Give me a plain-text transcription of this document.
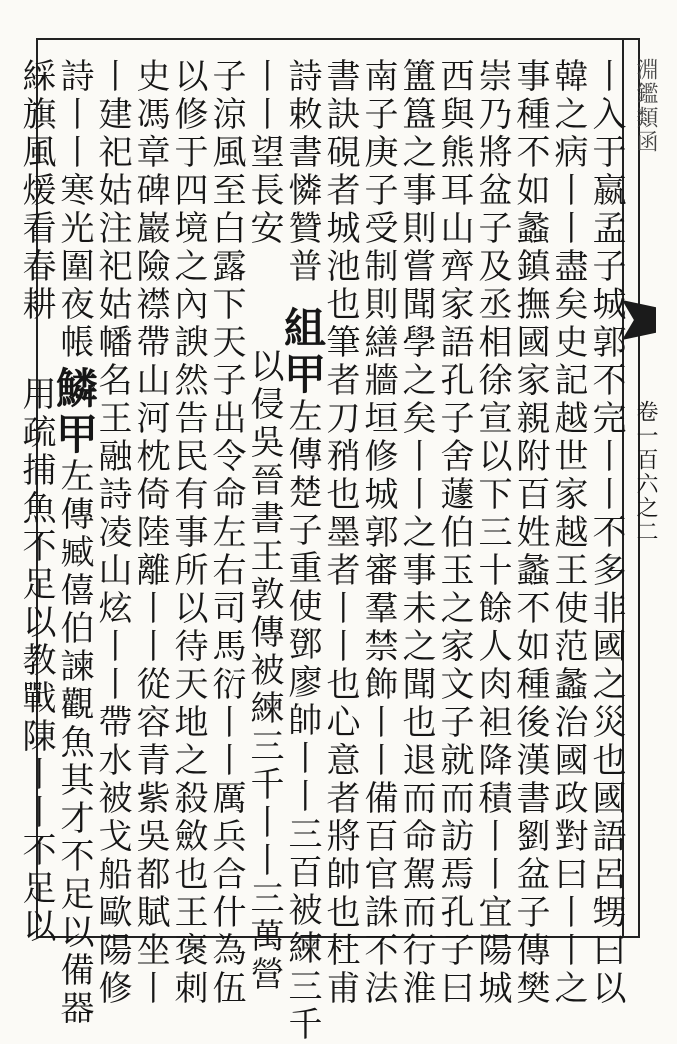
淵鑑類函
卷一百六之二
丨入于嬴孟子城郭不完丨丨不多非國之災也國語呂甥曰以
韓之病丨丨盡矣史記越世家越王使范蠡治國政對曰丨丨之
事種不如蠡鎮撫國家親附百姓蠡不如種後漢書劉盆子傳樊
崇乃將盆子及丞相徐宣以下三十餘人肉袒降積丨丨宜陽城
西與熊耳山齊家語孔子舍蘧伯玉之家文子就而訪焉孔子曰
簠簋之事則嘗聞學之矣丨丨之事未之聞也退而命駕而行淮
南子庚子受制則繕牆垣修城郭審羣禁飾丨丨備百官誅不法
書訣硯者城池也筆者刀矟也墨者丨丨也心意者將帥也杜甫
詩敕書憐贊普組甲左傳楚子重使鄧廖帥丨丨三百被練三千
丨丨望長安以侵吳晉書王敦傳被練三千丨丨三萬營
子涼風至白露下天子出令命左右司馬衍丨丨厲兵合什為伍
以修于四境之內諛然告民有事所以待天地之殺斂也王褒刺
史馮章碑巖險襟帶山河枕倚陸離丨丨從容青紫吳都賦坐丨
丨建祀姑注祀姑幡名王融詩凌山炫丨丨帶水被戈船歐陽修
詩丨丨寒光圍夜帳鱗甲左傳臧僖伯諫觀魚其才不足以備器
綵旗風煖看春耕用疏捕魚不足以教戰陳丨丨不足以
